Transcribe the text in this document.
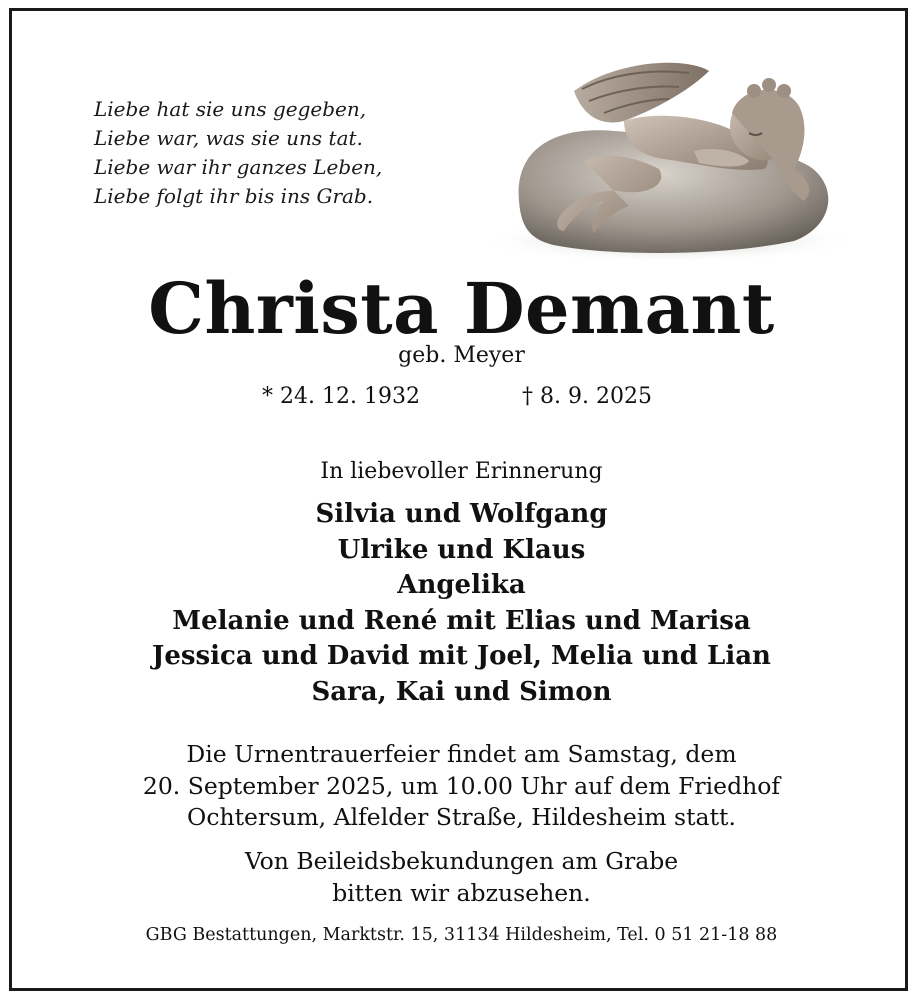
Liebe hat sie uns gegeben,
Liebe war, was sie uns tat.
Liebe war ihr ganzes Leben,
Liebe folgt ihr bis ins Grab.
Christa Demant
geb. Meyer
* 24. 12. 1932	† 8. 9. 2025
In liebevoller Erinnerung
Silvia und Wolfgang
Ulrike und Klaus
Angelika
Melanie und René mit Elias und Marisa
Jessica und David mit Joel, Melia und Lian
Sara, Kai und Simon
Die Urnentrauerfeier findet am Samstag, dem
20. September 2025, um 10.00 Uhr auf dem Friedhof
Ochtersum, Alfelder Straße, Hildesheim statt.
Von Beileidsbekundungen am Grabe
bitten wir abzusehen.
GBG Bestattungen, Marktstr. 15, 31134 Hildesheim, Tel. 0 51 21-18 88
